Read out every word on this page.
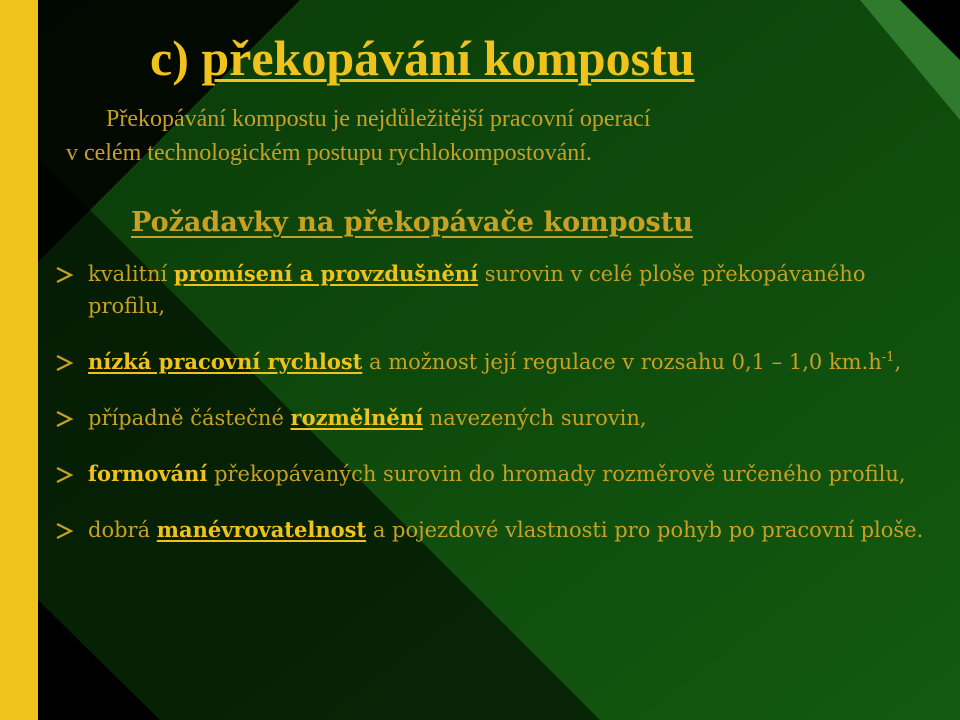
c) překopávání kompostu

Překopávání kompostu je nejdůležitější pracovní operací
v celém technologickém postupu rychlokompostování.

Požadavky na překopávače kompostu
kvalitní promísení a provzdušnění surovin v celé ploše překopávaného profilu,
nízká pracovní rychlost a možnost její regulace v rozsahu 0,1 – 1,0 $km.h^{-1}$,
případně částečné rozmělnění navezených surovin,
formování překopávaných surovin do hromady rozměrově určeného profilu,
dobrá manévrovatelnost a pojezdové vlastnosti pro pohyb po pracovní ploše.
